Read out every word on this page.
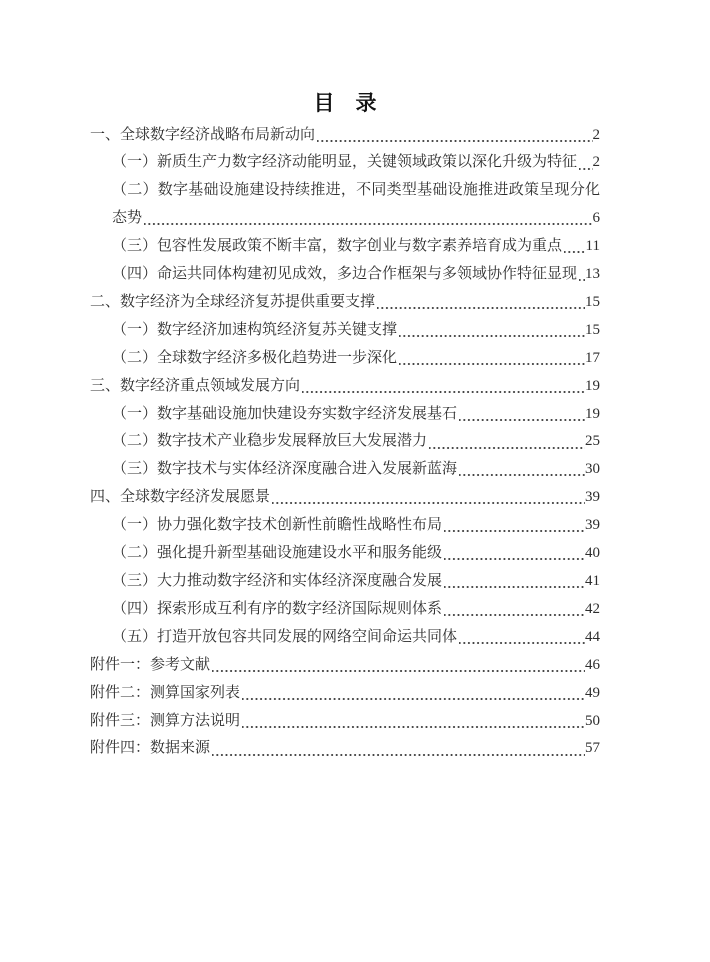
目　录
一、全球数字经济战略布局新动向	2
（一）新质生产力数字经济动能明显，关键领域政策以深化升级为特征 2
（二）数字基础设施建设持续推进，不同类型基础设施推进政策呈现分化
态势	6
（三）包容性发展政策不断丰富，数字创业与数字素养培育成为重点 11
（四）命运共同体构建初见成效，多边合作框架与多领域协作特征显现 13
二、数字经济为全球经济复苏提供重要支撑	15
（一）数字经济加速构筑经济复苏关键支撑	15
（二）全球数字经济多极化趋势进一步深化	17
三、数字经济重点领域发展方向	19
（一）数字基础设施加快建设夯实数字经济发展基石	19
（二）数字技术产业稳步发展释放巨大发展潜力	25
（三）数字技术与实体经济深度融合进入发展新蓝海	30
四、全球数字经济发展愿景	39
（一）协力强化数字技术创新性前瞻性战略性布局	39
（二）强化提升新型基础设施建设水平和服务能级	40
（三）大力推动数字经济和实体经济深度融合发展	41
（四）探索形成互利有序的数字经济国际规则体系	42
（五）打造开放包容共同发展的网络空间命运共同体	44
附件一：参考文献	46
附件二：测算国家列表	49
附件三：测算方法说明	50
附件四：数据来源	57
